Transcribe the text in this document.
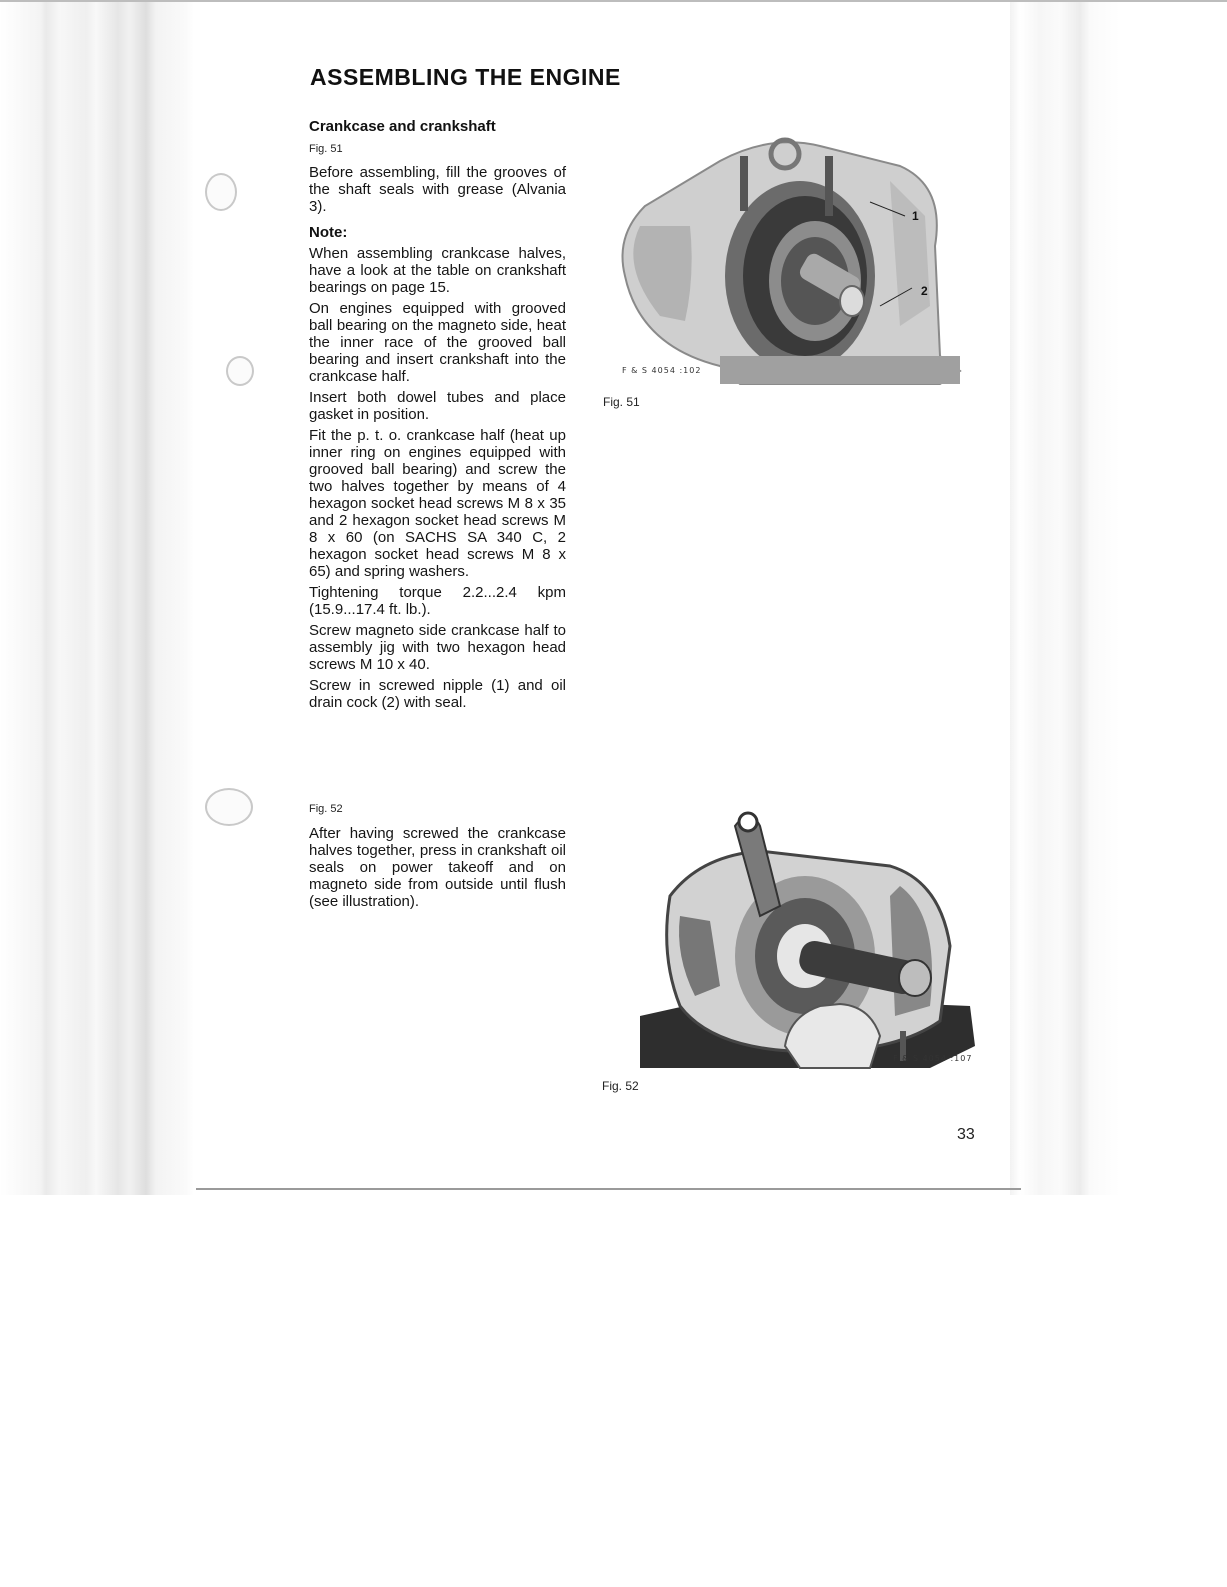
ASSEMBLING THE ENGINE
Crankcase and crankshaft
Fig. 51

Before assembling, fill the grooves of the shaft seals with grease (Alvania 3).

Note:

When assembling crankcase halves, have a look at the table on crankshaft bearings on page 15.

On engines equipped with grooved ball bearing on the magneto side, heat the inner race of the grooved ball bearing and insert crankshaft into the crankcase half.

Insert both dowel tubes and place gasket in position.

Fit the p. t. o. crankcase half (heat up inner ring on engines equipped with grooved ball bearing) and screw the two halves together by means of 4 hexagon socket head screws M 8 x 35 and 2 hexagon socket head screws M 8 x 60 (on SACHS SA 340 C, 2 hexagon socket head screws M 8 x 65) and spring washers.

Tightening torque 2.2...2.4 kpm (15.9...17.4 ft. lb.).

Screw magneto side crankcase half to assembly jig with two hexagon head screws M 10 x 40.

Screw in screwed nipple (1) and oil drain cock (2) with seal.

Fig. 52

After having screwed the crankcase halves together, press in crankshaft oil seals on power takeoff and on magneto side from outside until flush (see illustration).

1
2
F & S 4054 :102
Fig. 51
F & S 4054 :107
Fig. 52
33
